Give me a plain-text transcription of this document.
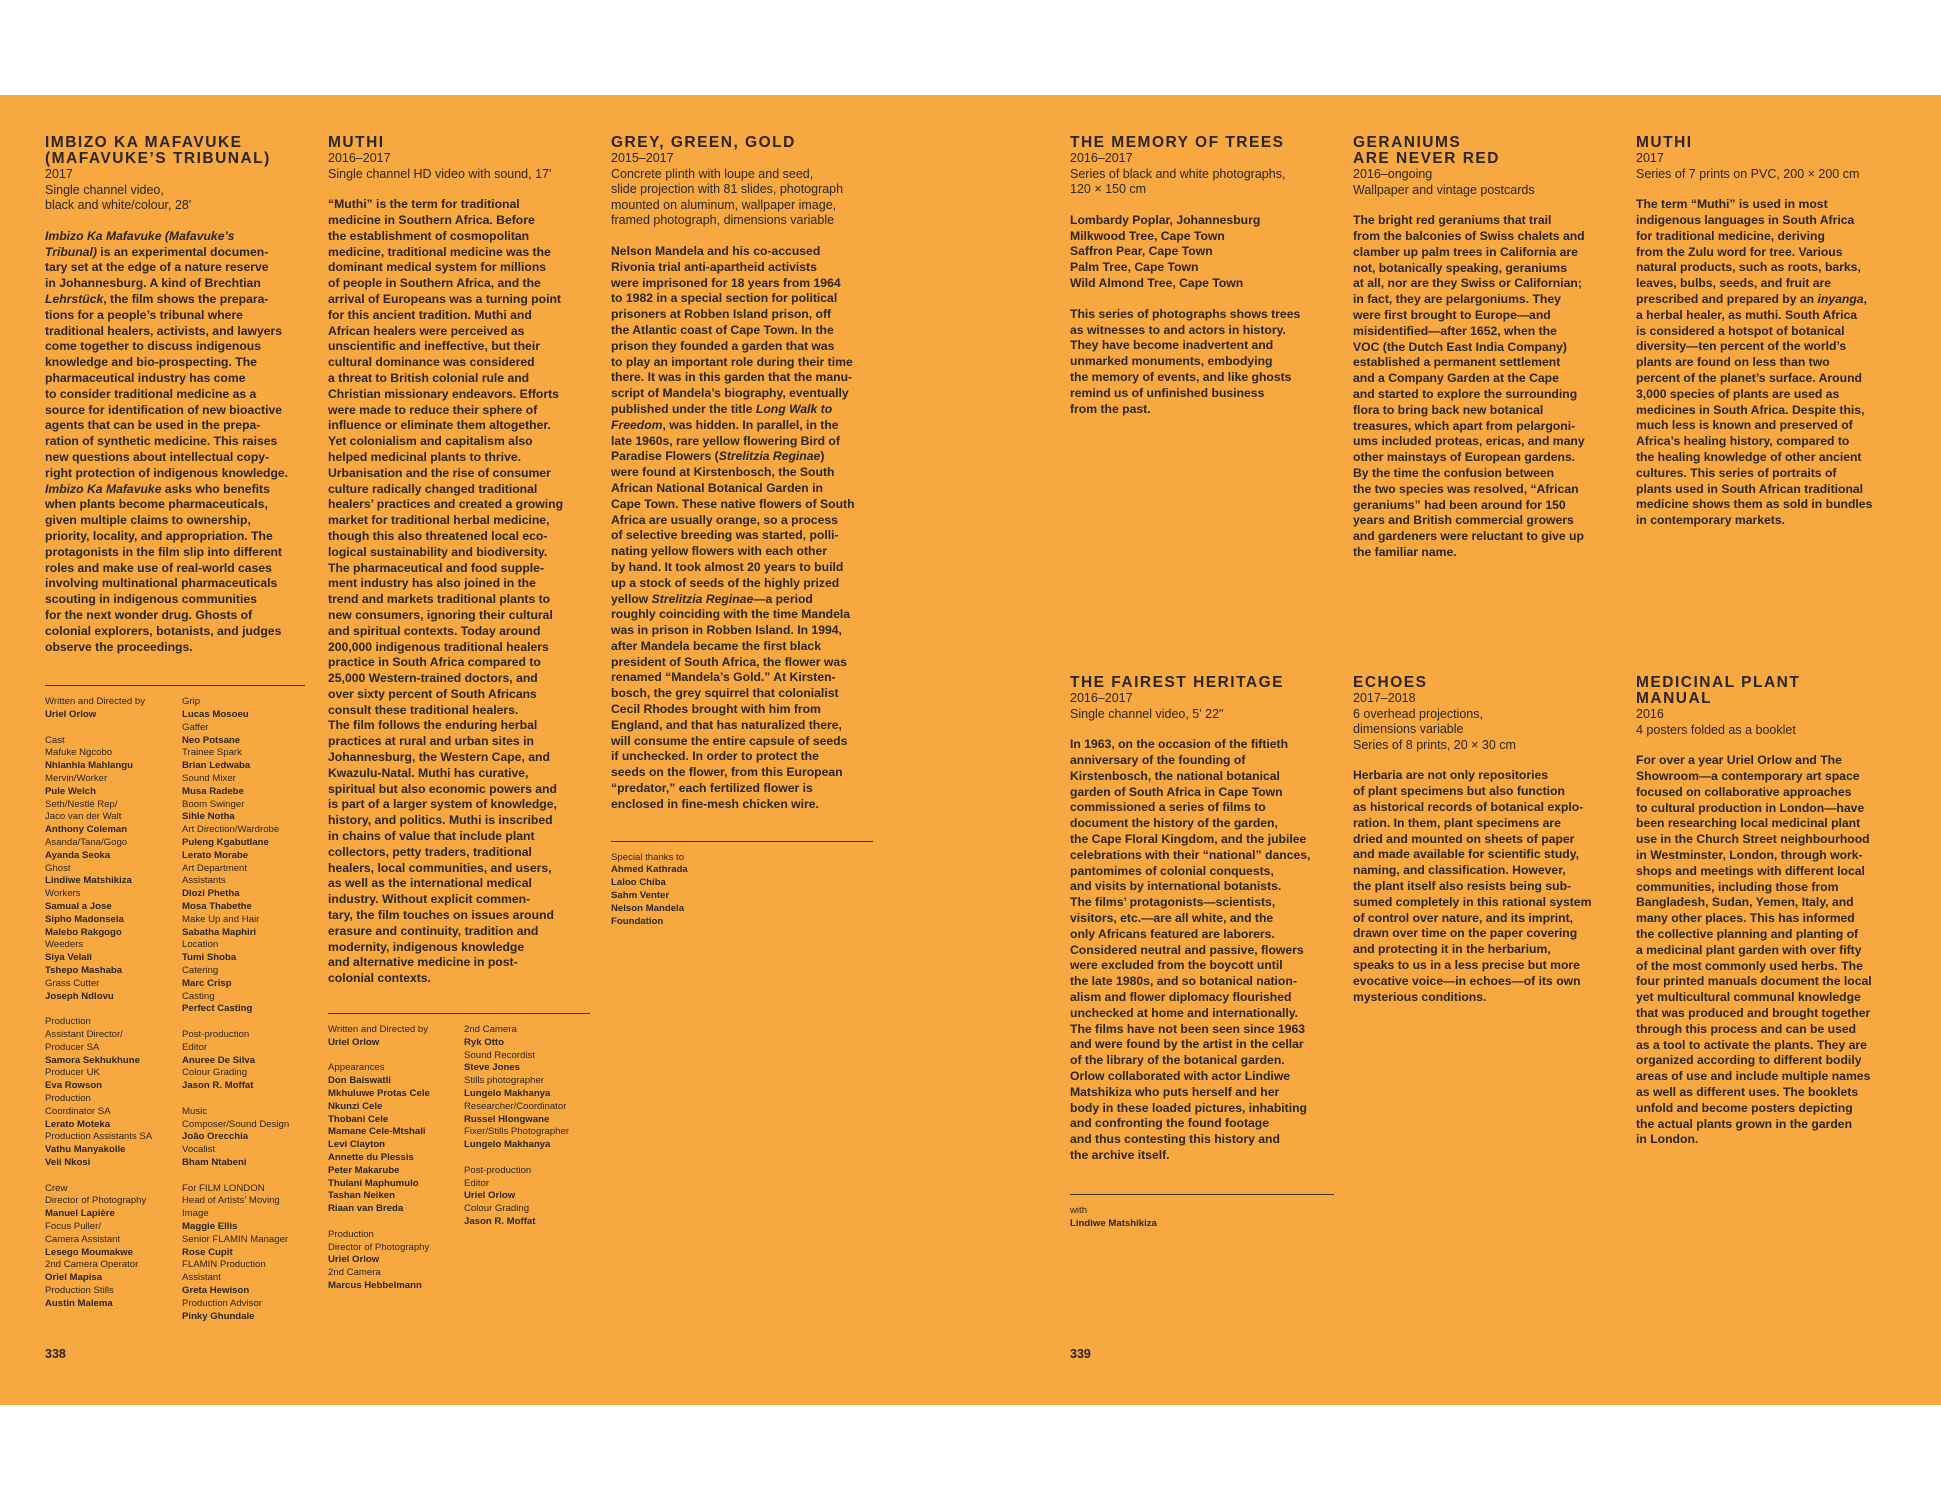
IMBIZO KA MAFAVUKE
(MAFAVUKE’S TRIBUNAL)

2017
Single channel video,
black and white/colour, 28'

Imbizo Ka Mafavuke (Mafavuke’s
Tribunal) is an experimental documen-
tary set at the edge of a nature reserve
in Johannesburg. A kind of Brechtian
Lehrstück, the film shows the prepara-
tions for a people’s tribunal where
traditional healers, activists, and lawyers
come together to discuss indigenous
knowledge and bio-prospecting. The
pharmaceutical industry has come
to consider traditional medicine as a
source for identification of new bioactive
agents that can be used in the prepa-
ration of synthetic medicine. This raises
new questions about intellectual copy-
right protection of indigenous knowledge.
Imbizo Ka Mafavuke asks who benefits
when plants become pharmaceuticals,
given multiple claims to ownership,
priority, locality, and appropriation. The
protagonists in the film slip into different
roles and make use of real-world cases
involving multinational pharmaceuticals
scouting in indigenous communities
for the next wonder drug. Ghosts of
colonial explorers, botanists, and judges
observe the proceedings.

Written and Directed by
Uriel Orlow
Cast
Mafuke Ngcobo
Nhlanhla Mahlangu
Mervin/Worker
Pule Welch
Seth/Nestlé Rep/
Jaco van der Walt
Anthony Coleman
Asanda/Tana/Gogo
Ayanda Seoka
Ghost
Lindiwe Matshikiza
Workers
Samual a Jose
Sipho Madonsela
Malebo Rakgogo
Weeders
Siya Velali
Tshepo Mashaba
Grass Cutter
Joseph Ndlovu
Production
Assistant Director/
Producer SA
Samora Sekhukhune
Producer UK
Eva Rowson
Production
Coordinator SA
Lerato Moteka
Production Assistants SA
Vathu Manyakolle
Veli Nkosi
Crew
Director of Photography
Manuel Lapière
Focus Puller/
Camera Assistant
Lesego Moumakwe
2nd Camera Operator
Oriel Mapisa
Production Stills
Austin Malema
Grip
Lucas Mosoeu
Gaffer
Neo Potsane
Trainee Spark
Brian Ledwaba
Sound Mixer
Musa Radebe
Boom Swinger
Sihle Notha
Art Direction/Wardrobe
Puleng Kgabutlane
Lerato Morabe
Art Department
Assistants
Dlozi Phetha
Mosa Thabethe
Make Up and Hair
Sabatha Maphiri
Location
Tumi Shoba
Catering
Marc Crisp
Casting
Perfect Casting
Post-production
Editor
Anuree De Silva
Colour Grading
Jason R. Moffat
Music
Composer/Sound Design
João Orecchia
Vocalist
Bham Ntabeni
For FILM LONDON
Head of Artists’ Moving
Image
Maggie Ellis
Senior FLAMIN Manager
Rose Cupit
FLAMIN Production
Assistant
Greta Hewison
Production Advisor
Pinky Ghundale
MUTHI

2016–2017
Single channel HD video with sound, 17'

“Muthi” is the term for traditional
medicine in Southern Africa. Before
the establishment of cosmopolitan
medicine, traditional medicine was the
dominant medical system for millions
of people in Southern Africa, and the
arrival of Europeans was a turning point
for this ancient tradition. Muthi and
African healers were perceived as
unscientific and ineffective, but their
cultural dominance was considered
a threat to British colonial rule and
Christian missionary endeavors. Efforts
were made to reduce their sphere of
influence or eliminate them altogether.
Yet colonialism and capitalism also
helped medicinal plants to thrive.
Urbanisation and the rise of consumer
culture radically changed traditional
healers’ practices and created a growing
market for traditional herbal medicine,
though this also threatened local eco-
logical sustainability and biodiversity.
The pharmaceutical and food supple-
ment industry has also joined in the
trend and markets traditional plants to
new consumers, ignoring their cultural
and spiritual contexts. Today around
200,000 indigenous traditional healers
practice in South Africa compared to
25,000 Western-trained doctors, and
over sixty percent of South Africans
consult these traditional healers.
The film follows the enduring herbal
practices at rural and urban sites in
Johannesburg, the Western Cape, and
Kwazulu-Natal. Muthi has curative,
spiritual but also economic powers and
is part of a larger system of knowledge,
history, and politics. Muthi is inscribed
in chains of value that include plant
collectors, petty traders, traditional
healers, local communities, and users,
as well as the international medical
industry. Without explicit commen-
tary, the film touches on issues around
erasure and continuity, tradition and
modernity, indigenous knowledge
and alternative medicine in post-
colonial contexts.

Written and Directed by
Uriel Orlow
Appearances
Don Baiswatli
Mkhuluwe Protas Cele
Nkunzi Cele
Thobani Cele
Mamane Cele-Mtshali
Levi Clayton
Annette du Plessis
Peter Makarube
Thulani Maphumulo
Tashan Neiken
Riaan van Breda
Production
Director of Photography
Uriel Orlow
2nd Camera
Marcus Hebbelmann
2nd Camera
Ryk Otto
Sound Recordist
Steve Jones
Stills photographer
Lungelo Makhanya
Researcher/Coordinator
Russel Hlongwane
Fixer/Stills Photographer
Lungelo Makhanya
Post-production
Editor
Uriel Orlow
Colour Grading
Jason R. Moffat
GREY, GREEN, GOLD

2015–2017
Concrete plinth with loupe and seed,
slide projection with 81 slides, photograph
mounted on aluminum, wallpaper image,
framed photograph, dimensions variable

Nelson Mandela and his co-accused
Rivonia trial anti-apartheid activists
were imprisoned for 18 years from 1964
to 1982 in a special section for political
prisoners at Robben Island prison, off
the Atlantic coast of Cape Town. In the
prison they founded a garden that was
to play an important role during their time
there. It was in this garden that the manu-
script of Mandela’s biography, eventually
published under the title Long Walk to
Freedom, was hidden. In parallel, in the
late 1960s, rare yellow flowering Bird of
Paradise Flowers (Strelitzia Reginae)
were found at Kirstenbosch, the South
African National Botanical Garden in
Cape Town. These native flowers of South
Africa are usually orange, so a process
of selective breeding was started, polli-
nating yellow flowers with each other
by hand. It took almost 20 years to build
up a stock of seeds of the highly prized
yellow Strelitzia Reginae—a period
roughly coinciding with the time Mandela
was in prison in Robben Island. In 1994,
after Mandela became the first black
president of South Africa, the flower was
renamed “Mandela’s Gold.” At Kirsten-
bosch, the grey squirrel that colonialist
Cecil Rhodes brought with him from
England, and that has naturalized there,
will consume the entire capsule of seeds
if unchecked. In order to protect the
seeds on the flower, from this European
“predator,” each fertilized flower is
enclosed in fine-mesh chicken wire.

Special thanks to
Ahmed Kathrada
Laloo Chiba
Sahm Venter
Nelson Mandela
Foundation
338
THE MEMORY OF TREES

2016–2017
Series of black and white photographs,
120 × 150 cm

Lombardy Poplar, Johannesburg
Milkwood Tree, Cape Town
Saffron Pear, Cape Town
Palm Tree, Cape Town
Wild Almond Tree, Cape Town

This series of photographs shows trees
as witnesses to and actors in history.
They have become inadvertent and
unmarked monuments, embodying
the memory of events, and like ghosts
remind us of unfinished business
from the past.

GERANIUMS
ARE NEVER RED

2016–ongoing
Wallpaper and vintage postcards

The bright red geraniums that trail
from the balconies of Swiss chalets and
clamber up palm trees in California are
not, botanically speaking, geraniums
at all, nor are they Swiss or Californian;
in fact, they are pelargoniums. They
were first brought to Europe—and
misidentified—after 1652, when the
VOC (the Dutch East India Company)
established a permanent settlement
and a Company Garden at the Cape
and started to explore the surrounding
flora to bring back new botanical
treasures, which apart from pelargoni-
ums included proteas, ericas, and many
other mainstays of European gardens.
By the time the confusion between
the two species was resolved, “African
geraniums” had been around for 150
years and British commercial growers
and gardeners were reluctant to give up
the familiar name.

MUTHI

2017
Series of 7 prints on PVC, 200 × 200 cm

The term “Muthi” is used in most
indigenous languages in South Africa
for traditional medicine, deriving
from the Zulu word for tree. Various
natural products, such as roots, barks,
leaves, bulbs, seeds, and fruit are
prescribed and prepared by an inyanga,
a herbal healer, as muthi. South Africa
is considered a hotspot of botanical
diversity—ten percent of the world’s
plants are found on less than two
percent of the planet’s surface. Around
3,000 species of plants are used as
medicines in South Africa. Despite this,
much less is known and preserved of
Africa’s healing history, compared to
the healing knowledge of other ancient
cultures. This series of portraits of
plants used in South African traditional
medicine shows them as sold in bundles
in contemporary markets.

THE FAIREST HERITAGE

2016–2017
Single channel video, 5' 22"

In 1963, on the occasion of the fiftieth
anniversary of the founding of
Kirstenbosch, the national botanical
garden of South Africa in Cape Town
commissioned a series of films to
document the history of the garden,
the Cape Floral Kingdom, and the jubilee
celebrations with their “national” dances,
pantomimes of colonial conquests,
and visits by international botanists.
The films’ protagonists—scientists,
visitors, etc.—are all white, and the
only Africans featured are laborers.
Considered neutral and passive, flowers
were excluded from the boycott until
the late 1980s, and so botanical nation-
alism and flower diplomacy flourished
unchecked at home and internationally.
The films have not been seen since 1963
and were found by the artist in the cellar
of the library of the botanical garden.
Orlow collaborated with actor Lindiwe
Matshikiza who puts herself and her
body in these loaded pictures, inhabiting
and confronting the found footage
and thus contesting this history and
the archive itself.

with
Lindiwe Matshikiza
ECHOES

2017–2018
6 overhead projections,
dimensions variable
Series of 8 prints, 20 × 30 cm

Herbaria are not only repositories
of plant specimens but also function
as historical records of botanical explo-
ration. In them, plant specimens are
dried and mounted on sheets of paper
and made available for scientific study,
naming, and classification. However,
the plant itself also resists being sub-
sumed completely in this rational system
of control over nature, and its imprint,
drawn over time on the paper covering
and protecting it in the herbarium,
speaks to us in a less precise but more
evocative voice—in echoes—of its own
mysterious conditions.

MEDICINAL PLANT
MANUAL

2016
4 posters folded as a booklet

For over a year Uriel Orlow and The
Showroom—a contemporary art space
focused on collaborative approaches
to cultural production in London—have
been researching local medicinal plant
use in the Church Street neighbourhood
in Westminster, London, through work-
shops and meetings with different local
communities, including those from
Bangladesh, Sudan, Yemen, Italy, and
many other places. This has informed
the collective planning and planting of
a medicinal plant garden with over fifty
of the most commonly used herbs. The
four printed manuals document the local
yet multicultural communal knowledge
that was produced and brought together
through this process and can be used
as a tool to activate the plants. They are
organized according to different bodily
areas of use and include multiple names
as well as different uses. The booklets
unfold and become posters depicting
the actual plants grown in the garden
in London.

339
